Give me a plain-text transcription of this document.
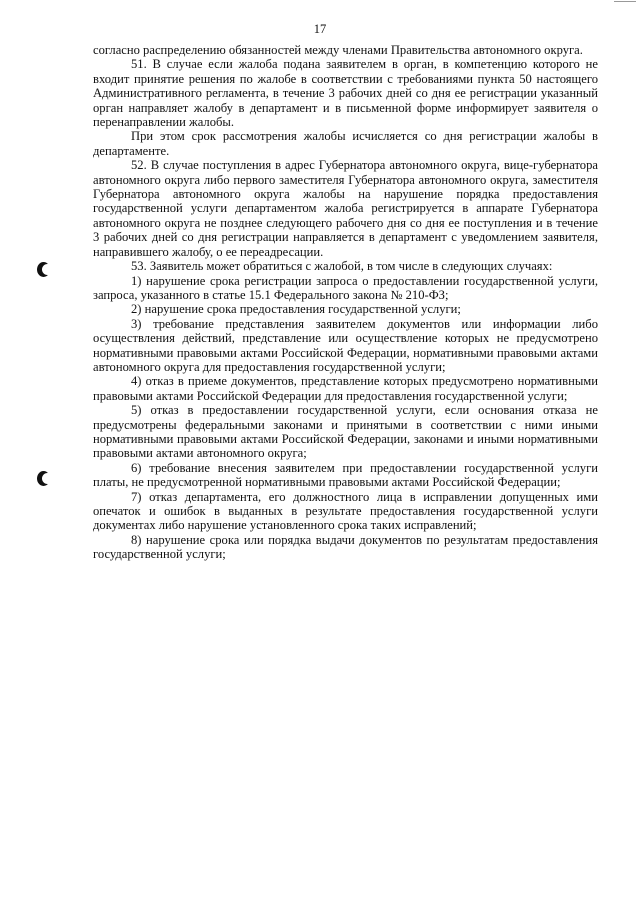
17

согласно распределению обязанностей между членами Правительства автономного округа.

51. В случае если жалоба подана заявителем в орган, в компетенцию которого не входит принятие решения по жалобе в соответствии с требованиями пункта 50 настоящего Административного регламента, в течение 3 рабочих дней со дня ее регистрации указанный орган направляет жалобу в департамент и в письменной форме информирует заявителя о перенаправлении жалобы.

При этом срок рассмотрения жалобы исчисляется со дня регистрации жалобы в департаменте.

52. В случае поступления в адрес Губернатора автономного округа, вице-губернатора автономного округа либо первого заместителя Губернатора автономного округа, заместителя Губернатора автономного округа жалобы на нарушение порядка предоставления государственной услуги департаментом жалоба регистрируется в аппарате Губернатора автономного округа не позднее следующего рабочего дня со дня ее поступления и в течение 3 рабочих дней со дня регистрации направляется в департамент с уведомлением заявителя, направившего жалобу, о ее переадресации.

53. Заявитель может обратиться с жалобой, в том числе в следующих случаях:

1) нарушение срока регистрации запроса о предоставлении государственной услуги, запроса, указанного в статье 15.1 Федерального закона № 210-ФЗ;

2) нарушение срока предоставления государственной услуги;

3) требование представления заявителем документов или информации либо осуществления действий, представление или осуществление которых не предусмотрено нормативными правовыми актами Российской Федерации, нормативными правовыми актами автономного округа для предоставления государственной услуги;

4) отказ в приеме документов, представление которых предусмотрено нормативными правовыми актами Российской Федерации для предоставления государственной услуги;

5) отказ в предоставлении государственной услуги, если основания отказа не предусмотрены федеральными законами и принятыми в соответствии с ними иными нормативными правовыми актами Российской Федерации, законами и иными нормативными правовыми актами автономного округа;

6) требование внесения заявителем при предоставлении государственной услуги платы, не предусмотренной нормативными правовыми актами Российской Федерации;

7) отказ департамента, его должностного лица в исправлении допущенных ими опечаток и ошибок в выданных в результате предоставления государственной услуги документах либо нарушение установленного срока таких исправлений;

8) нарушение срока или порядка выдачи документов по результатам предоставления государственной услуги;
